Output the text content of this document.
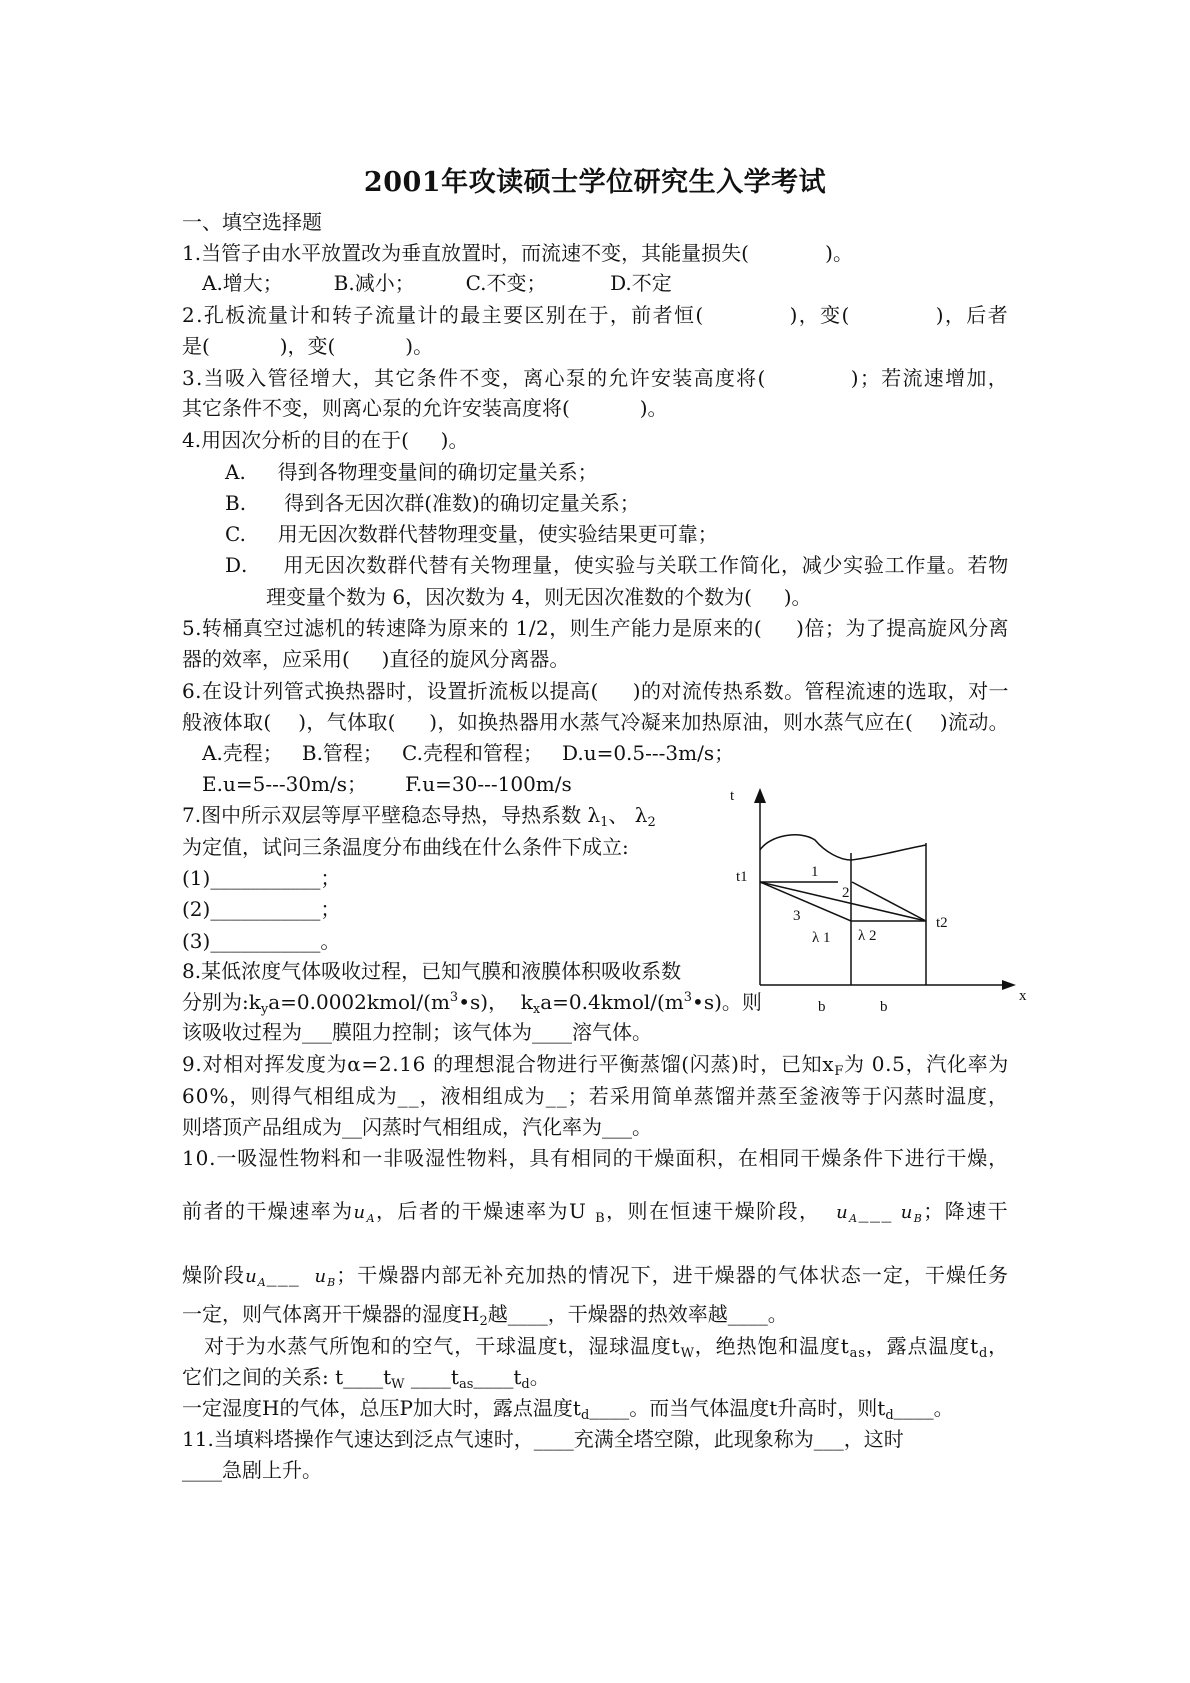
2001年攻读硕士学位研究生入学考试
一、填空选择题
1.当管子由水平放置改为垂直放置时，而流速不变，其能量损失(            )。
A.增大；        B.减小；        C.不变；          D.不定
2.孔板流量计和转子流量计的最主要区别在于，前者恒(           )，变(           )，后者
是(           )，变(           )。
3.当吸入管径增大，其它条件不变，离心泵的允许安装高度将(           )；若流速增加，
其它条件不变，则离心泵的允许安装高度将(           )。
4.用因次分析的目的在于(     )。
A.     得到各物理变量间的确切定量关系；
B.      得到各无因次群(准数)的确切定量关系；
C.     用无因次数群代替物理变量，使实验结果更可靠；
D.     用无因次数群代替有关物理量，使实验与关联工作简化，减少实验工作量。若物
理变量个数为 6，因次数为 4，则无因次准数的个数为(     )。
5.转桶真空过滤机的转速降为原来的 1/2，则生产能力是原来的(     )倍；为了提高旋风分离
器的效率，应采用(     )直径的旋风分离器。
6.在设计列管式换热器时，设置折流板以提高(     )的对流传热系数。管程流速的选取，对一
般液体取(    )，气体取(     )，如换热器用水蒸气冷凝来加热原油，则水蒸气应在(    )流动。
A.壳程；   B.管程；   C.壳程和管程；   D.u=0.5---3m/s；
E.u=5---30m/s；      F.u=30---100m/s
7.图中所示双层等厚平壁稳态导热，导热系数 $\lambda_1$、 $\lambda_2$
为定值，试问三条温度分布曲线在什么条件下成立:
(1)___________；
(2)___________；
(3)___________。
8.某低浓度气体吸收过程，已知气膜和液膜体积吸收系数
分别为$:k_ya=0.0002kmol/(m^3•s)$，  $k_xa=0.4kmol/(m^3•s)$。则
该吸收过程为___膜阻力控制；该气体为____溶气体。
9.对相对挥发度为α=2.16 的理想混合物进行平衡蒸馏(闪蒸)时，已知$x_F$为 0.5，汽化率为
60%，则得气相组成为__，液相组成为__；若采用简单蒸馏并蒸至釜液等于闪蒸时温度，
则塔顶产品组成为__闪蒸时气相组成，汽化率为___。
10.一吸湿性物料和一非吸湿性物料，具有相同的干燥面积，在相同干燥条件下进行干燥，
前者的干燥速率为$u_A$，后者的干燥速率为U $_B$，则在恒速干燥阶段，  $u_A\_\_\_$ $u_B$；降速干
燥阶段$u_A\_\_\_$  $u_B$；干燥器内部无补充加热的情况下，进干燥器的气体状态一定，干燥任务
一定，则气体离开干燥器的湿度$H_2$越____，干燥器的热效率越____。
对于为水蒸气所饱和的空气，干球温度t，湿球温度$t_W$，绝热饱和温度$t_{as}$，露点温度$t_d$，
它们之间的关系: $t\_\_\_\_t_W$ $\_\_\_\_t_{as}\_\_\_\_t_d$。
一定湿度H的气体，总压P加大时，露点温度$t_d\_\_\_\_$。而当气体温度t升高时，则$t_d\_\_\_\_$。
11.当填料塔操作气速达到泛点气速时，____充满全塔空隙，此现象称为___，这时
____急剧上升。
t
x
t1
t2
1
2
3
λ 1 λ 2
b	b
